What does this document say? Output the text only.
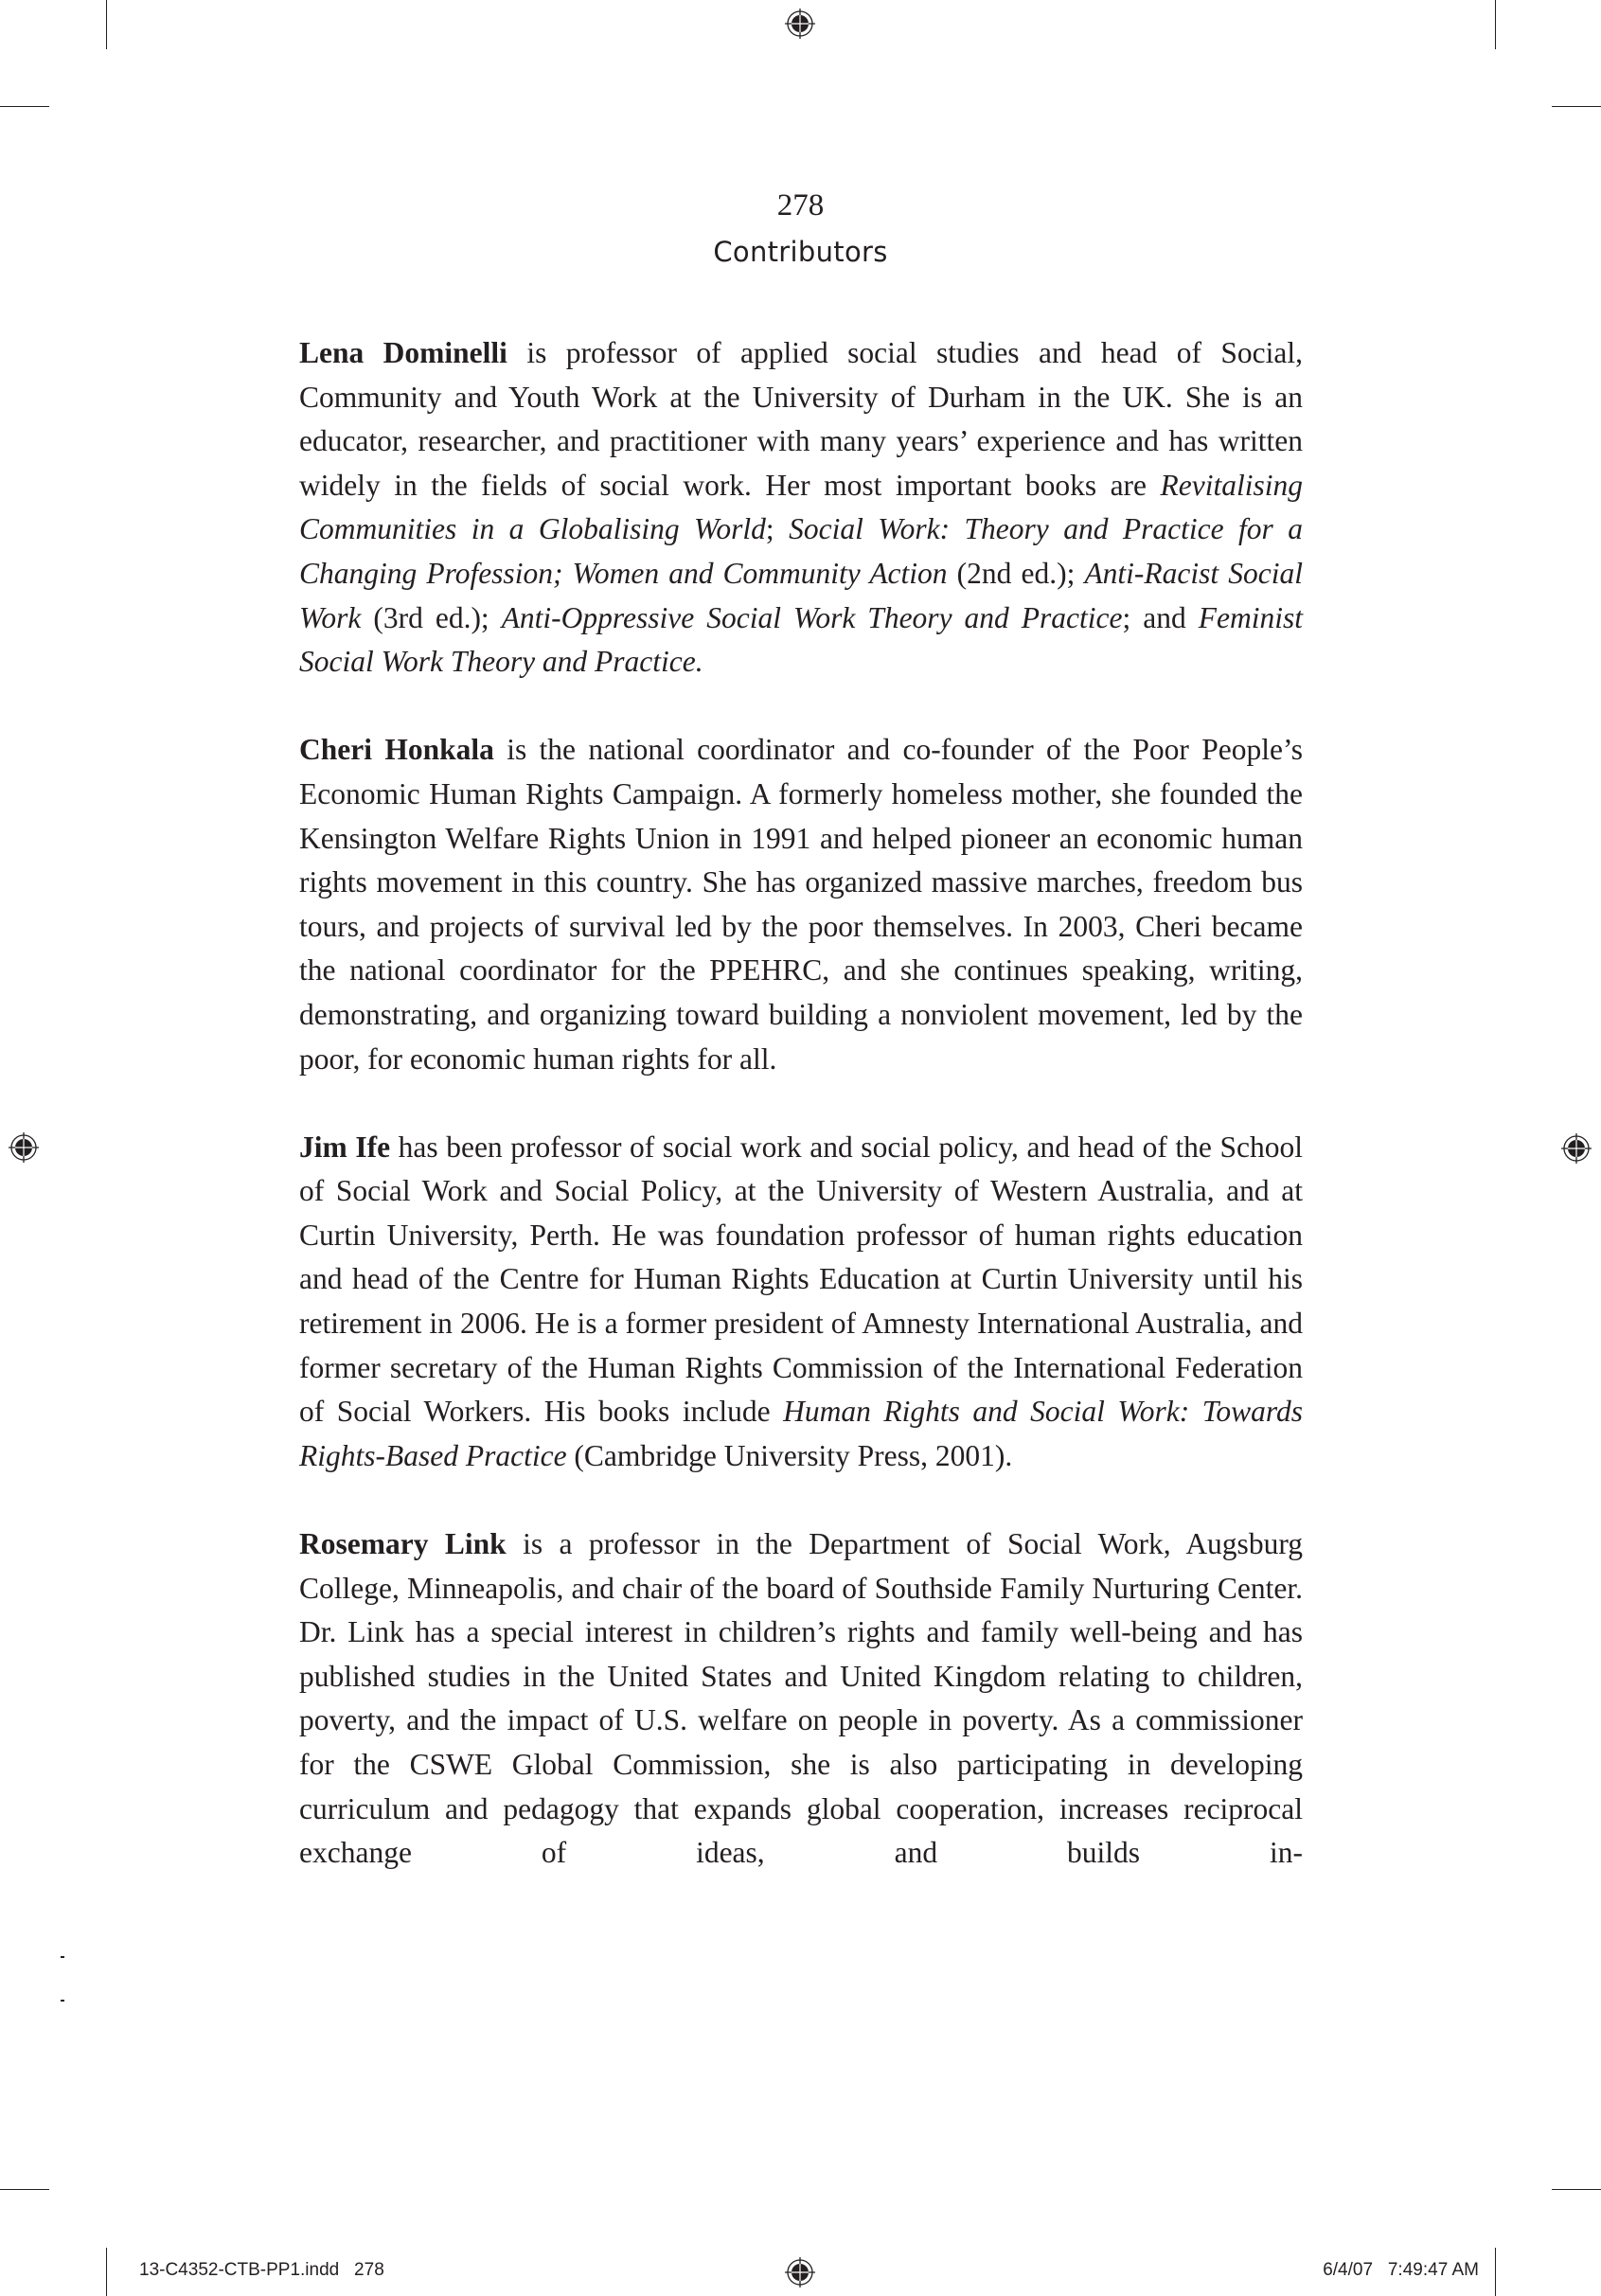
278
Contributors

Lena Dominelli is professor of applied social studies and head of Social, Community and Youth Work at the University of Durham in the UK. She is an educator, researcher, and practitioner with many years’ experience and has written widely in the fields of social work. Her most important books are Revitalising Communities in a Globalising World; Social Work: Theory and Practice for a Changing Profession; Women and Community Action (2nd ed.); Anti-Racist Social Work (3rd ed.); Anti-Oppressive Social Work Theory and Practice; and Feminist Social Work Theory and Practice.

Cheri Honkala is the national coordinator and co-founder of the Poor People’s Economic Human Rights Campaign. A formerly homeless mother, she founded the Kensington Welfare Rights Union in 1991 and helped pioneer an economic human rights movement in this country. She has organized massive marches, freedom bus tours, and projects of survival led by the poor themselves. In 2003, Cheri became the national coordinator for the PPEHRC, and she continues speaking, writing, demonstrating, and organizing toward building a nonviolent movement, led by the poor, for economic human rights for all.

Jim Ife has been professor of social work and social policy, and head of the School of Social Work and Social Policy, at the University of Western Australia, and at Curtin University, Perth. He was foundation professor of human rights education and head of the Centre for Human Rights Education at Curtin University until his retirement in 2006. He is a former president of Amnesty International Australia, and former secretary of the Human Rights Commission of the International Federation of Social Workers. His books include Human Rights and Social Work: Towards Rights-Based Practice (Cambridge University Press, 2001).

Rosemary Link is a professor in the Department of Social Work, Augsburg College, Minneapolis, and chair of the board of Southside Family Nurturing Center. Dr. Link has a special interest in children’s rights and family well-being and has published studies in the United States and United Kingdom relating to children, poverty, and the impact of U.S. welfare on people in poverty. As a commissioner for the CSWE Global Commission, she is also participating in developing curriculum and pedagogy that expands global cooperation, increases reciprocal exchange of ideas, and builds in-

13-C4352-CTB-PP1.indd   278	6/4/07   7:49:47 AM
